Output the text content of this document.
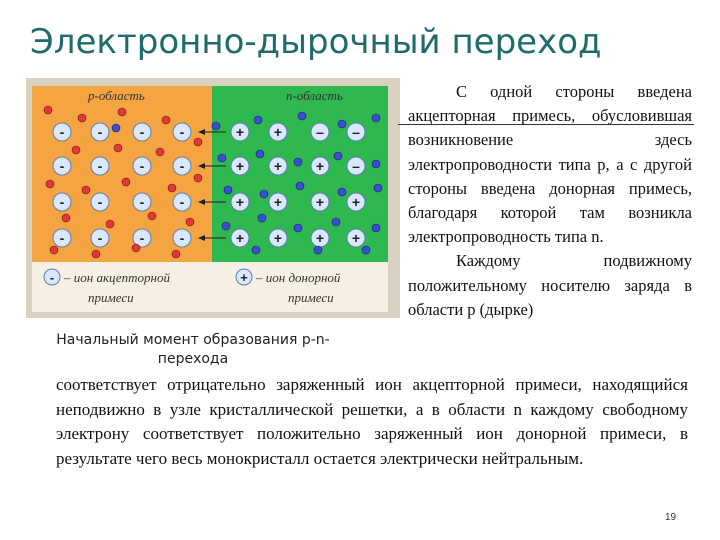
Электронно-дырочный переход
p-область	n-область
- -	-	-	+ + – –
- -	-	-	+ + + –
- -	-	-	+ + + +
- -	-	-	+ + + +
- – ион акцепторной
примеси
+ – ион донорной
примеси
Начальный момент образования p-n-перехода

С одной стороны введена акцепторная примесь, обусловившая возникновение здесь электропроводности типа р, а с другой стороны введена донорная примесь, благодаря которой там возникла электропроводность типа n.

Каждому подвижному положительному носителю заряда в области р (дырке)

соответствует отрицательно заряженный ион акцепторной примеси, находящийся неподвижно в узле кристаллической решетки, а в области n каждому свободному электрону соответствует положительно заряженный ион донорной примеси, в результате чего весь монокристалл остается электрически нейтральным.
19
